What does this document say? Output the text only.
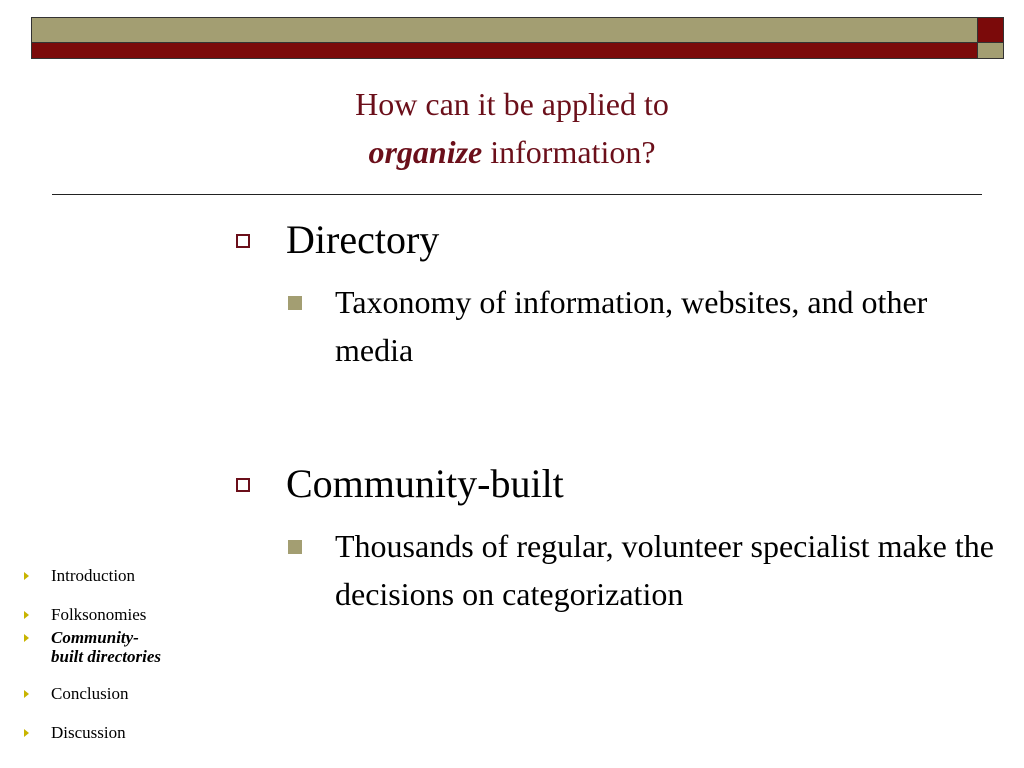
How can it be applied to
organize information?
Directory
Taxonomy of information, websites, and other media
Community-built
Thousands of regular, volunteer specialist make the decisions on categorization
Introduction
Folksonomies
Community-
built directories
Conclusion
Discussion
